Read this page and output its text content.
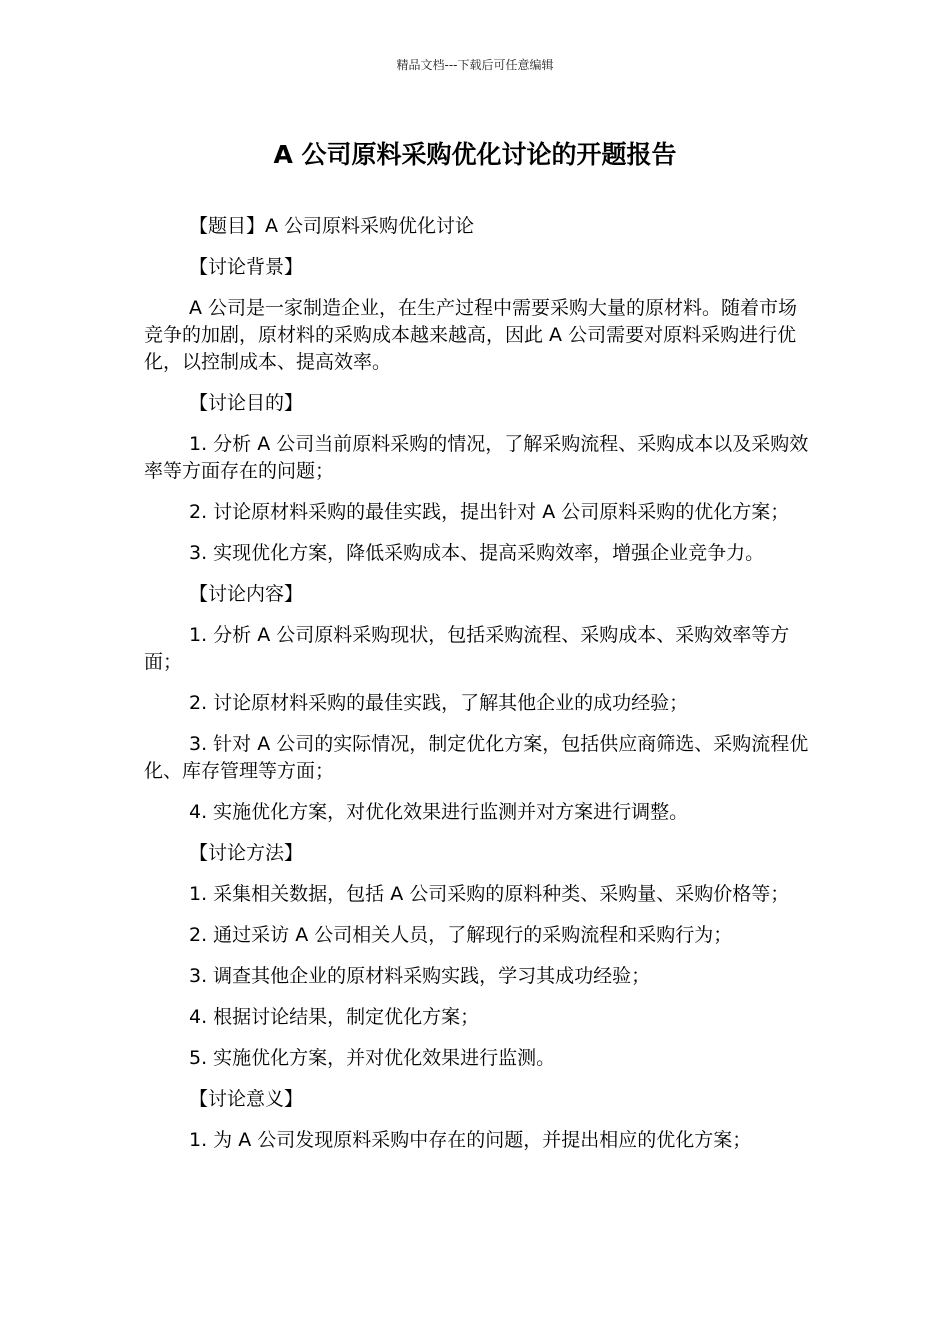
精品文档---下载后可任意编辑
A 公司原料采购优化讨论的开题报告

【题目】A 公司原料采购优化讨论

【讨论背景】

A 公司是一家制造企业，在生产过程中需要采购大量的原材料。随着市场竞争的加剧，原材料的采购成本越来越高，因此 A 公司需要对原料采购进行优化，以控制成本、提高效率。

【讨论目的】

1. 分析 A 公司当前原料采购的情况，了解采购流程、采购成本以及采购效率等方面存在的问题；

2. 讨论原材料采购的最佳实践，提出针对 A 公司原料采购的优化方案；

3. 实现优化方案，降低采购成本、提高采购效率，增强企业竞争力。

【讨论内容】

1. 分析 A 公司原料采购现状，包括采购流程、采购成本、采购效率等方面；

2. 讨论原材料采购的最佳实践，了解其他企业的成功经验；

3. 针对 A 公司的实际情况，制定优化方案，包括供应商筛选、采购流程优化、库存管理等方面；

4. 实施优化方案，对优化效果进行监测并对方案进行调整。

【讨论方法】

1. 采集相关数据，包括 A 公司采购的原料种类、采购量、采购价格等；

2. 通过采访 A 公司相关人员，了解现行的采购流程和采购行为；

3. 调查其他企业的原材料采购实践，学习其成功经验；

4. 根据讨论结果，制定优化方案；

5. 实施优化方案，并对优化效果进行监测。

【讨论意义】

1. 为 A 公司发现原料采购中存在的问题，并提出相应的优化方案；
